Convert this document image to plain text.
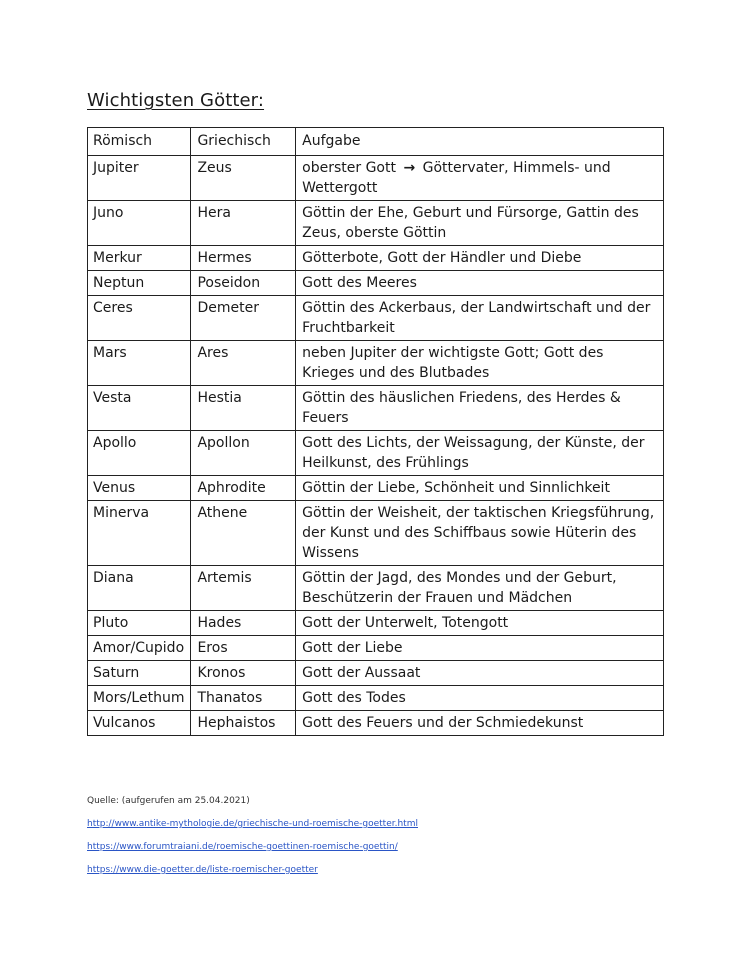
Wichtigsten Götter:
Römisch	Griechisch	Aufgabe
Jupiter	Zeus	oberster Gott → Göttervater, Himmels- und Wettergott
Juno	Hera	Göttin der Ehe, Geburt und Fürsorge, Gattin des Zeus, oberste Göttin
Merkur	Hermes	Götterbote, Gott der Händler und Diebe
Neptun	Poseidon	Gott des Meeres
Ceres	Demeter	Göttin des Ackerbaus, der Landwirtschaft und der Fruchtbarkeit
Mars	Ares	neben Jupiter der wichtigste Gott; Gott des Krieges und des Blutbades
Vesta	Hestia	Göttin des häuslichen Friedens, des Herdes & Feuers
Apollo	Apollon	Gott des Lichts, der Weissagung, der Künste, der Heilkunst, des Frühlings
Venus	Aphrodite	Göttin der Liebe, Schönheit und Sinnlichkeit
Minerva	Athene	Göttin der Weisheit, der taktischen Kriegsführung, der Kunst und des Schiffbaus sowie Hüterin des Wissens
Diana	Artemis	Göttin der Jagd, des Mondes und der Geburt, Beschützerin der Frauen und Mädchen
Pluto	Hades	Gott der Unterwelt, Totengott
Amor/Cupido	Eros	Gott der Liebe
Saturn	Kronos	Gott der Aussaat
Mors/Lethum	Thanatos	Gott des Todes
Vulcanos	Hephaistos	Gott des Feuers und der Schmiedekunst
Quelle: (aufgerufen am 25.04.2021)
http://www.antike-mythologie.de/griechische-und-roemische-goetter.html
https://www.forumtraiani.de/roemische-goettinen-roemische-goettin/
https://www.die-goetter.de/liste-roemischer-goetter
